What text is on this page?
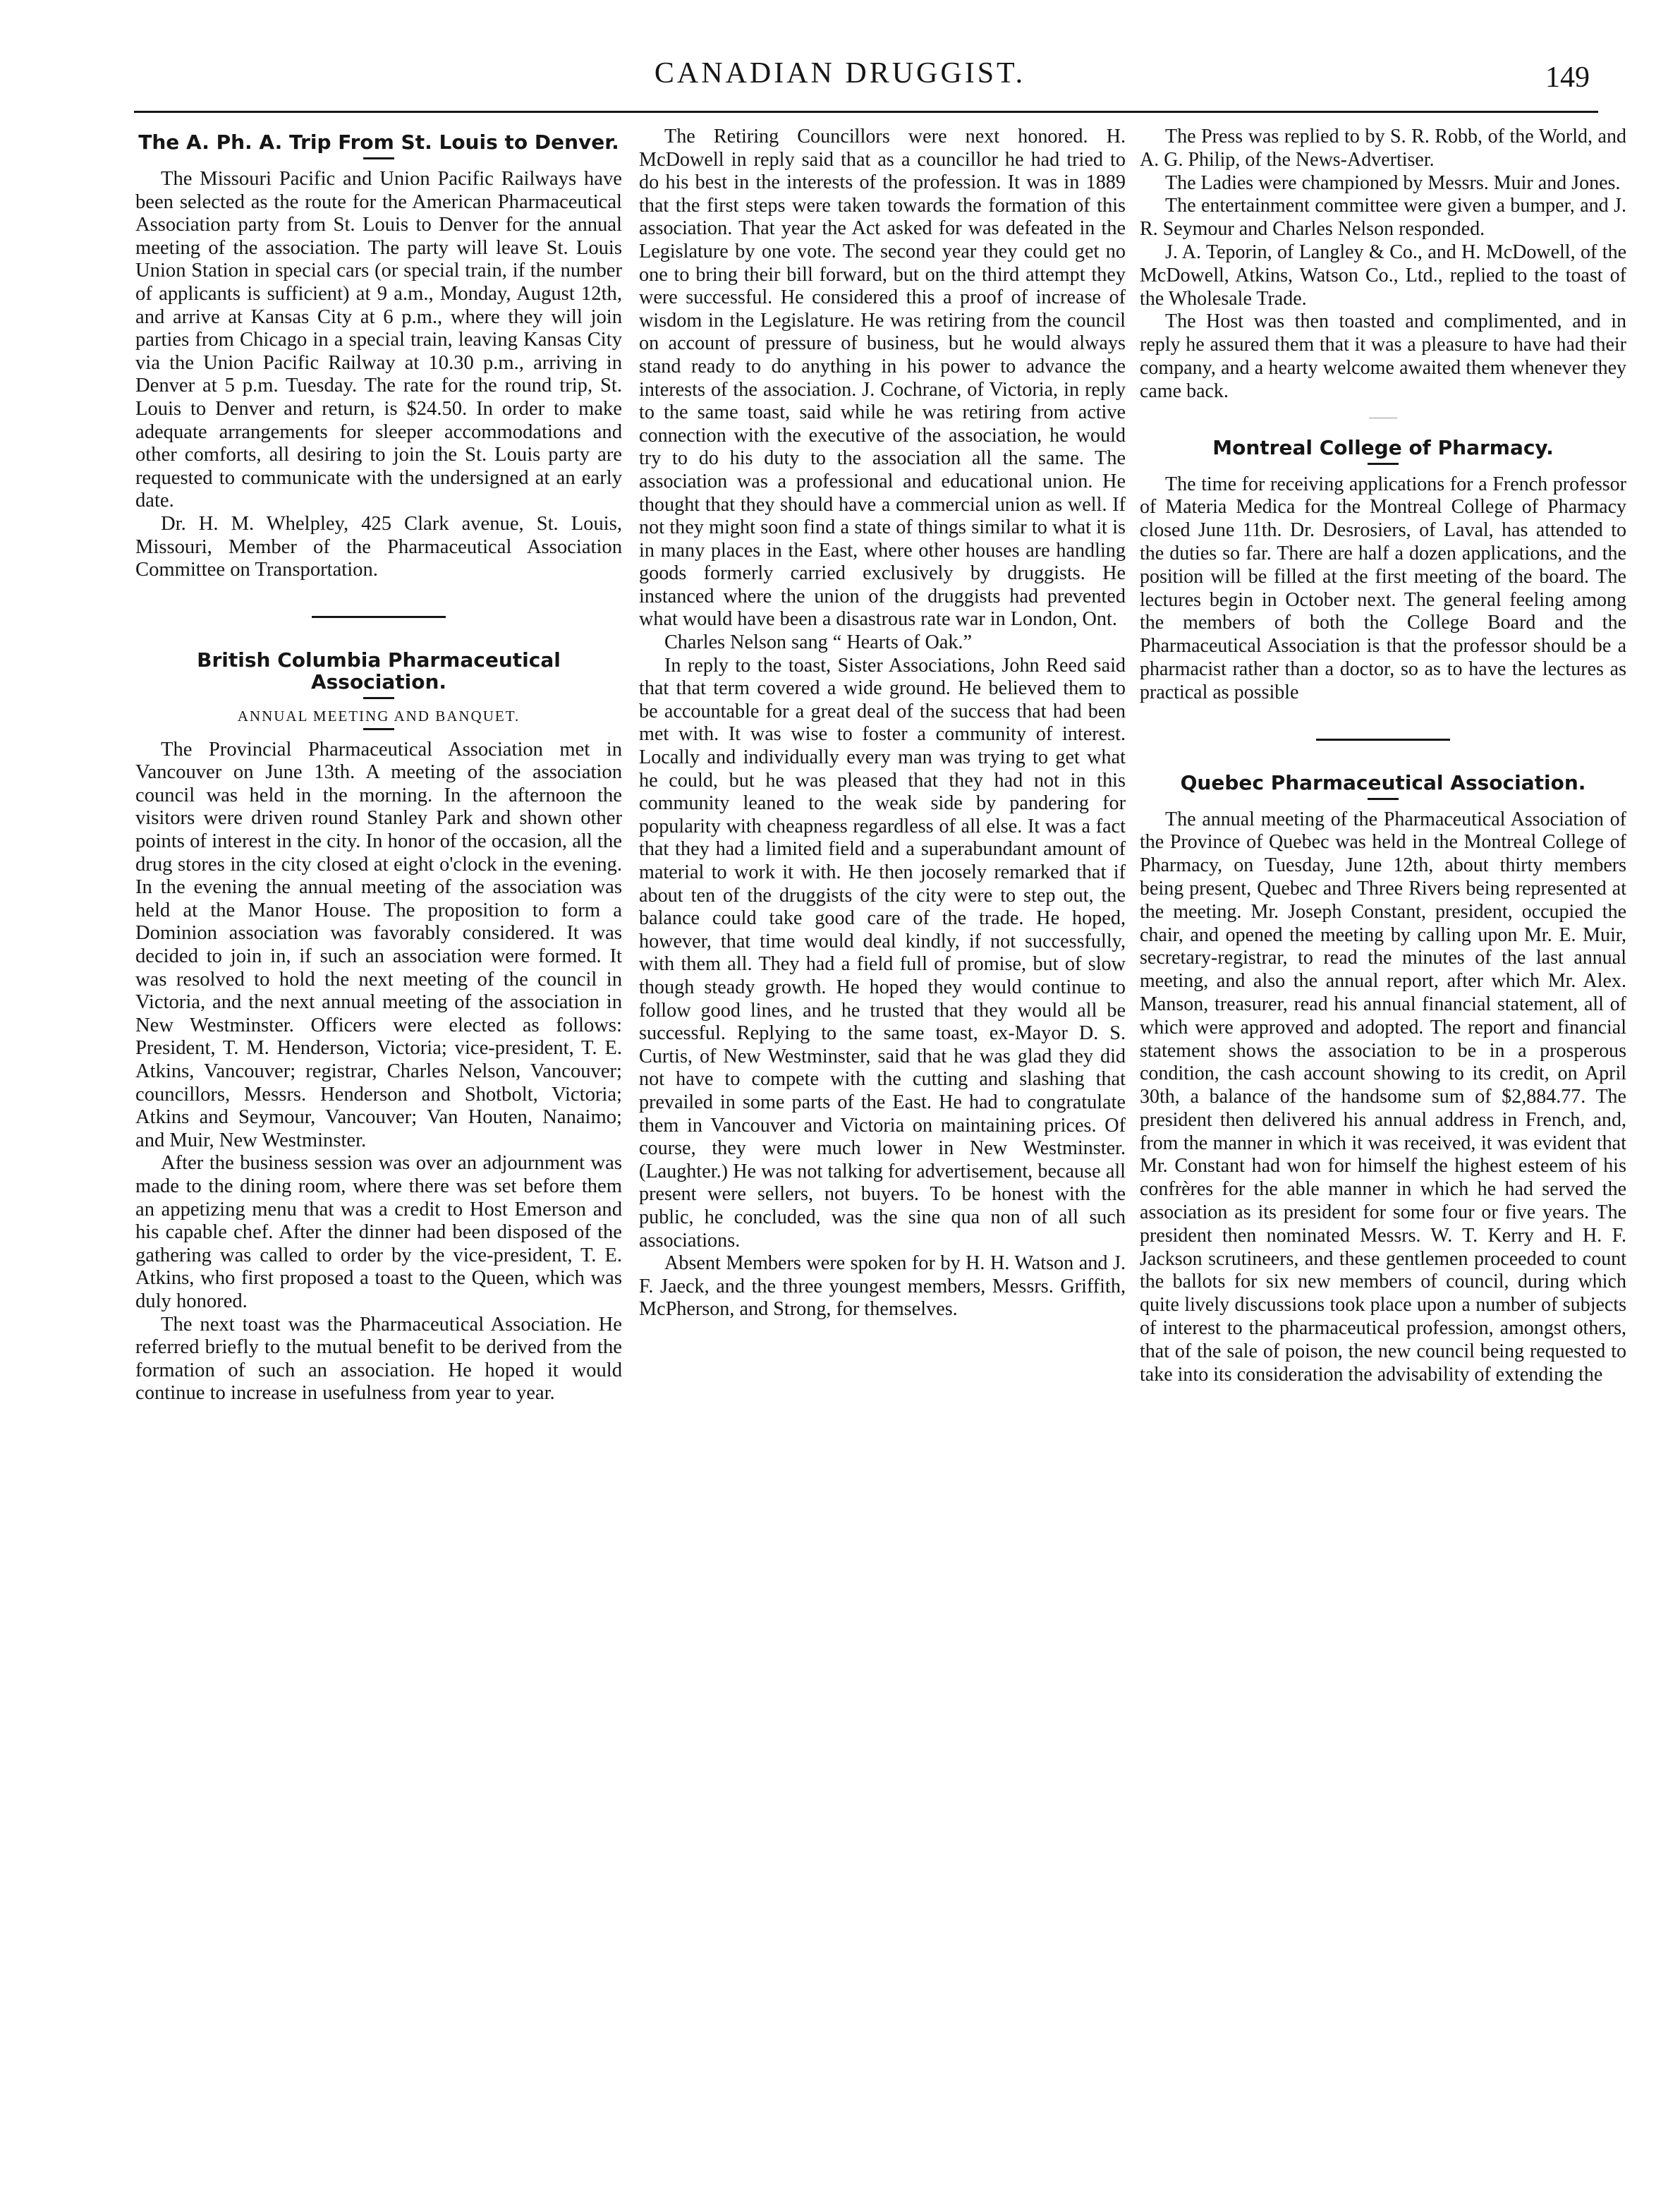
CANADIAN DRUGGIST.	149
The A. Ph. A. Trip From St. Louis to Denver.

The Missouri Pacific and Union Pacific Railways have been selected as the route for the American Pharmaceutical Association party from St. Louis to Denver for the annual meeting of the association. The party will leave St. Louis Union Station in special cars (or special train, if the number of applicants is sufficient) at 9 a.m., Monday, August 12th, and arrive at Kansas City at 6 p.m., where they will join parties from Chicago in a special train, leaving Kansas City via the Union Pacific Railway at 10.30 p.m., arriving in Denver at 5 p.m. Tuesday. The rate for the round trip, St. Louis to Denver and return, is $24.50. In order to make adequate arrangements for sleeper accommodations and other comforts, all desiring to join the St. Louis party are requested to communicate with the undersigned at an early date.

Dr. H. M. Whelpley, 425 Clark avenue, St. Louis, Missouri, Member of the Pharmaceutical Association Committee on Transportation.

British Columbia Pharmaceutical Association.
ANNUAL MEETING AND BANQUET.

The Provincial Pharmaceutical Association met in Vancouver on June 13th. A meeting of the association council was held in the morning. In the afternoon the visitors were driven round Stanley Park and shown other points of interest in the city. In honor of the occasion, all the drug stores in the city closed at eight o'clock in the evening. In the evening the annual meeting of the association was held at the Manor House. The proposition to form a Dominion association was favorably considered. It was decided to join in, if such an association were formed. It was resolved to hold the next meeting of the council in Victoria, and the next annual meeting of the association in New Westminster. Officers were elected as follows: President, T. M. Henderson, Victoria; vice-president, T. E. Atkins, Vancouver; registrar, Charles Nelson, Vancouver; councillors, Messrs. Henderson and Shotbolt, Victoria; Atkins and Seymour, Vancouver; Van Houten, Nanaimo; and Muir, New Westminster.

After the business session was over an adjournment was made to the dining room, where there was set before them an appetizing menu that was a credit to Host Emerson and his capable chef. After the dinner had been disposed of the gathering was called to order by the vice-president, T. E. Atkins, who first proposed a toast to the Queen, which was duly honored.

The next toast was the Pharmaceutical Association. He referred briefly to the mutual benefit to be derived from the formation of such an association. He hoped it would continue to increase in usefulness from year to year.

The Retiring Councillors were next honored. H. McDowell in reply said that as a councillor he had tried to do his best in the interests of the profession. It was in 1889 that the first steps were taken towards the formation of this association. That year the Act asked for was defeated in the Legislature by one vote. The second year they could get no one to bring their bill forward, but on the third attempt they were successful. He considered this a proof of increase of wisdom in the Legislature. He was retiring from the council on account of pressure of business, but he would always stand ready to do anything in his power to advance the interests of the association. J. Cochrane, of Victoria, in reply to the same toast, said while he was retiring from active connection with the executive of the association, he would try to do his duty to the association all the same. The association was a professional and educational union. He thought that they should have a commercial union as well. If not they might soon find a state of things similar to what it is in many places in the East, where other houses are handling goods formerly carried exclusively by druggists. He instanced where the union of the druggists had prevented what would have been a disastrous rate war in London, Ont.

Charles Nelson sang “ Hearts of Oak.”

In reply to the toast, Sister Associations, John Reed said that that term covered a wide ground. He believed them to be accountable for a great deal of the success that had been met with. It was wise to foster a community of interest. Locally and individually every man was trying to get what he could, but he was pleased that they had not in this community leaned to the weak side by pandering for popularity with cheapness regardless of all else. It was a fact that they had a limited field and a superabundant amount of material to work it with. He then jocosely remarked that if about ten of the druggists of the city were to step out, the balance could take good care of the trade. He hoped, however, that time would deal kindly, if not successfully, with them all. They had a field full of promise, but of slow though steady growth. He hoped they would continue to follow good lines, and he trusted that they would all be successful. Replying to the same toast, ex-Mayor D. S. Curtis, of New Westminster, said that he was glad they did not have to compete with the cutting and slashing that prevailed in some parts of the East. He had to congratulate them in Vancouver and Victoria on maintaining prices. Of course, they were much lower in New Westminster. (Laughter.) He was not talking for advertisement, because all present were sellers, not buyers. To be honest with the public, he concluded, was the sine qua non of all such associations.

Absent Members were spoken for by H. H. Watson and J. F. Jaeck, and the three youngest members, Messrs. Griffith, McPherson, and Strong, for themselves.

The Press was replied to by S. R. Robb, of the World, and A. G. Philip, of the News-Advertiser.

The Ladies were championed by Messrs. Muir and Jones.

The entertainment committee were given a bumper, and J. R. Seymour and Charles Nelson responded.

J. A. Teporin, of Langley & Co., and H. McDowell, of the McDowell, Atkins, Watson Co., Ltd., replied to the toast of the Wholesale Trade.

The Host was then toasted and complimented, and in reply he assured them that it was a pleasure to have had their company, and a hearty welcome awaited them whenever they came back.

Montreal College of Pharmacy.

The time for receiving applications for a French professor of Materia Medica for the Montreal College of Pharmacy closed June 11th. Dr. Desrosiers, of Laval, has attended to the duties so far. There are half a dozen applications, and the position will be filled at the first meeting of the board. The lectures begin in October next. The general feeling among the members of both the College Board and the Pharmaceutical Association is that the professor should be a pharmacist rather than a doctor, so as to have the lectures as practical as possible

Quebec Pharmaceutical Association.

The annual meeting of the Pharmaceutical Association of the Province of Quebec was held in the Montreal College of Pharmacy, on Tuesday, June 12th, about thirty members being present, Quebec and Three Rivers being represented at the meeting. Mr. Joseph Constant, president, occupied the chair, and opened the meeting by calling upon Mr. E. Muir, secretary-registrar, to read the minutes of the last annual meeting, and also the annual report, after which Mr. Alex. Manson, treasurer, read his annual financial statement, all of which were approved and adopted. The report and financial statement shows the association to be in a prosperous condition, the cash account showing to its credit, on April 30th, a balance of the handsome sum of $2,884.77. The president then delivered his annual address in French, and, from the manner in which it was received, it was evident that Mr. Constant had won for himself the highest esteem of his confrères for the able manner in which he had served the association as its president for some four or five years. The president then nominated Messrs. W. T. Kerry and H. F. Jackson scrutineers, and these gentlemen proceeded to count the ballots for six new members of council, during which quite lively discussions took place upon a number of subjects of interest to the pharmaceutical profession, amongst others, that of the sale of poison, the new council being requested to take into its consideration the advisability of extending the
